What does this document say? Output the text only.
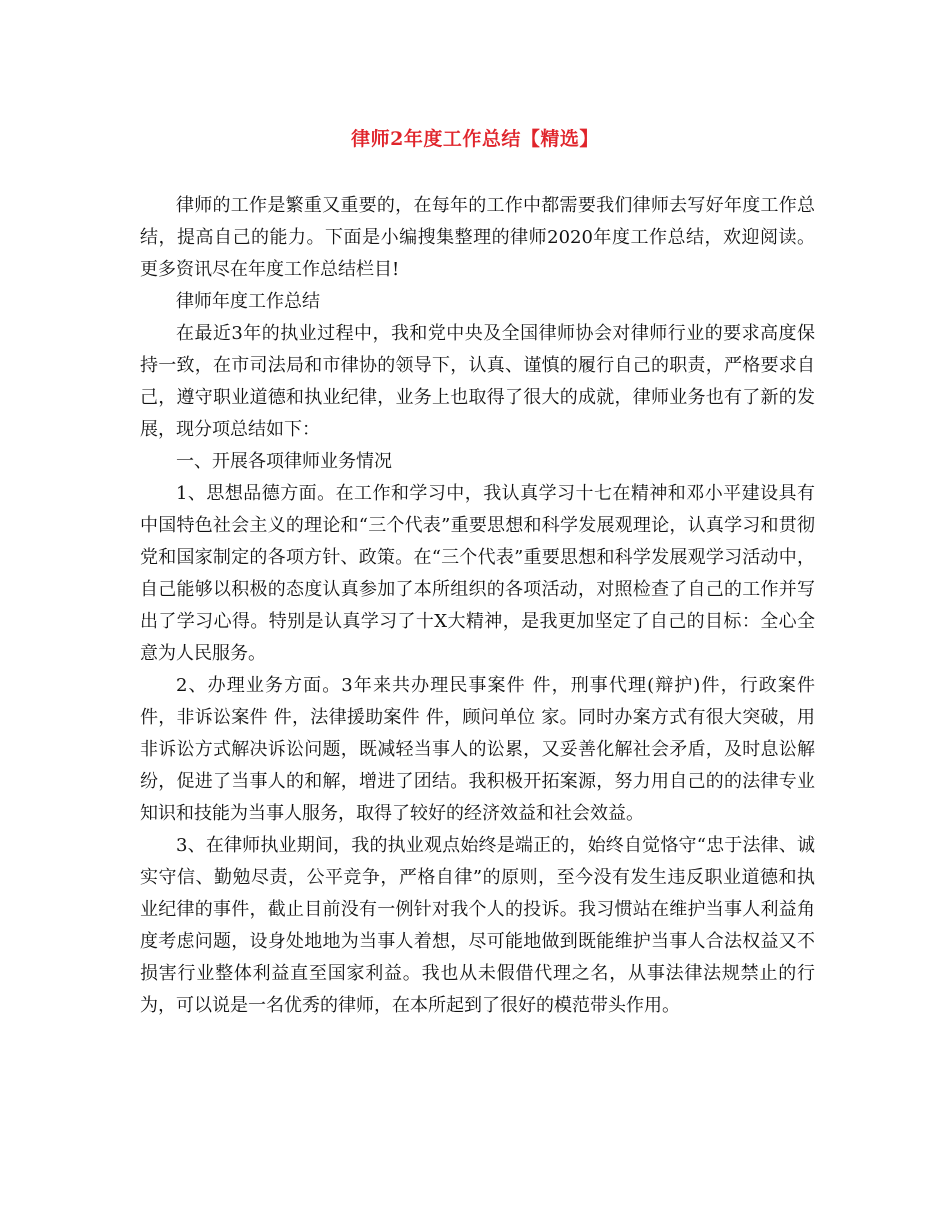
律师2年度工作总结【精选】

律师的工作是繁重又重要的，在每年的工作中都需要我们律师去写好年度工作总结，提高自己的能力。下面是小编搜集整理的律师2020年度工作总结，欢迎阅读。更多资讯尽在年度工作总结栏目!

律师年度工作总结

在最近3年的执业过程中，我和党中央及全国律师协会对律师行业的要求高度保持一致，在市司法局和市律协的领导下，认真、谨慎的履行自己的职责，严格要求自己，遵守职业道德和执业纪律，业务上也取得了很大的成就，律师业务也有了新的发展，现分项总结如下：

一、开展各项律师业务情况

1、思想品德方面。在工作和学习中，我认真学习十七在精神和邓小平建设具有中国特色社会主义的理论和“三个代表”重要思想和科学发展观理论，认真学习和贯彻党和国家制定的各项方针、政策。在“三个代表”重要思想和科学发展观学习活动中，自己能够以积极的态度认真参加了本所组织的各项活动，对照检查了自己的工作并写出了学习心得。特别是认真学习了十X大精神，是我更加坚定了自己的目标：全心全意为人民服务。

2、办理业务方面。3年来共办理民事案件 件，刑事代理(辩护)件，行政案件 件，非诉讼案件 件，法律援助案件 件，顾问单位 家。同时办案方式有很大突破，用非诉讼方式解决诉讼问题，既减轻当事人的讼累，又妥善化解社会矛盾，及时息讼解纷，促进了当事人的和解，增进了团结。我积极开拓案源，努力用自己的的法律专业知识和技能为当事人服务，取得了较好的经济效益和社会效益。

3、在律师执业期间，我的执业观点始终是端正的，始终自觉恪守“忠于法律、诚实守信、勤勉尽责，公平竞争，严格自律”的原则，至今没有发生违反职业道德和执业纪律的事件，截止目前没有一例针对我个人的投诉。我习惯站在维护当事人利益角度考虑问题，设身处地地为当事人着想，尽可能地做到既能维护当事人合法权益又不损害行业整体利益直至国家利益。我也从未假借代理之名，从事法律法规禁止的行为，可以说是一名优秀的律师，在本所起到了很好的模范带头作用。
